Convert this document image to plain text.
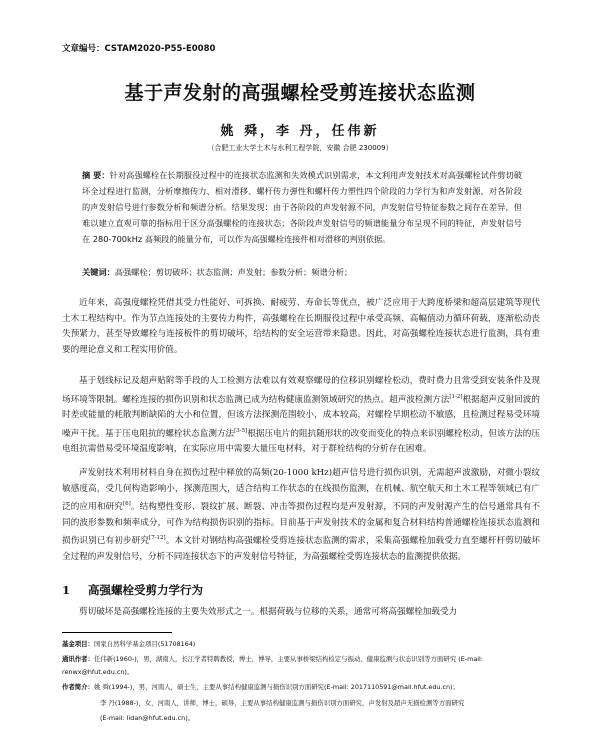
文章编号：CSTAM2020-P55-E0080
基于声发射的高强螺栓受剪连接状态监测
姚 舜，李 丹，任伟新
（合肥工业大学土木与水利工程学院，安徽 合肥 230009）
摘 要：针对高强螺栓在长期服役过程中的连接状态监测和失效模式识别需求，本文利用声发射技术对高强螺栓试件剪切破坏全过程进行监测，分析摩擦传力、相对滑移、螺杆传力弹性和螺杆传力塑性四个阶段的力学行为和声发射源，对各阶段的声发射信号进行参数分析和频谱分析。结果发现：由于各阶段的声发射源不同，声发射信号特征参数之间存在差异，但难以建立直观可靠的指标用于区分高强螺栓的连接状态；各阶段声发射信号的频谱能量分布呈现不同的特征，声发射信号在 280-700kHz 高频段的能量分布，可以作为高强螺栓连接件相对滑移的判别依据。
关键词：高强螺栓；剪切破坏；状态监测；声发射；参数分析；频谱分析；

近年来，高强度螺栓凭借其受力性能好、可拆换、耐疲劳、寿命长等优点，被广泛应用于大跨度桥梁和超高层建筑等现代土木工程结构中。作为节点连接处的主要传力构件，高强螺栓在长期服役过程中承受高频、高幅值动力循环荷载，逐渐松动丧失预紧力，甚至导致螺栓与连接板件的剪切破坏，给结构的安全运营带来隐患。因此，对高强螺栓连接状态进行监测，具有重要的理论意义和工程实用价值。

基于划线标记及超声贴附等手段的人工检测方法难以有效观察螺母的位移识别螺栓松动，费时费力且常受到安装条件及现场环境等限制。螺栓连接的损伤识别和状态监测已成为结构健康监测领域研究的热点。超声波检测方法[1-2]根据超声反射回波的时差或能量的耗散判断缺陷的大小和位置，但该方法探测范围较小，成本较高，对螺栓早期松动不敏感，且检测过程易受环境噪声干扰。基于压电阻抗的螺栓状态监测方法[3-5]根据压电片的阻抗随形状的改变而变化的特点来识别螺栓松动，但该方法的压电组抗需借易受环境温度影响，在实际应用中需要大量压电材料，对于群栓结构的分析存在困难。

声发射技术利用材料自身在损伤过程中释放的高频(20-1000 kHz)超声信号进行损伤识别，无需超声波激励，对微小裂纹敏感度高，受几何构造影响小，探测范围大，适合结构工作状态的在线损伤监测，在机械、航空航天和土木工程等领域已有广泛的应用和研究[6]。结构塑性变形、裂纹扩展、断裂、冲击等损伤过程均是声发射源，不同的声发射源产生的信号通常具有不同的波形参数和频率成分，可作为结构损伤识别的指标。目前基于声发射技术的金属和复合材料结构普通螺栓连接状态监测和损伤识别已有初步研究[7-12]。本文针对钢结构高强螺栓受剪连接状态监测的需求，采集高强螺栓加载受力直至螺杆杆剪切破坏全过程的声发射信号，分析不同连接状态下的声发射信号特征，为高强螺栓受剪连接状态的监测提供依据。

1 高强螺栓受剪力学行为

剪切破坏是高强螺栓连接的主要失效形式之一。根据荷载与位移的关系，通常可将高强螺栓加载受力

基金项目：国家自然科学基金项目(51708164)
通讯作者：任伟新(1960-)，男，湖南人，长江学者特聘教授，博士，博导，主要从事桥梁结构检定与振动、健康监测与状态识别等方面研究 (E-mail: renwx@hfut.edu.cn)。
作者简介：姚 舜(1994-)，男，河南人，硕士生，主要从事结构健康监测与损伤识别方面研究(E-mail: 2017110591@mail.hfut.edu.cn)；
李 丹(1988-)，女，河南人，讲师，博士，硕导，主要从事结构健康监测与损伤识别方面研究，声发射及超声无损检测等方面研究
(E-mail: lidan@hfut.edu.cn)。
